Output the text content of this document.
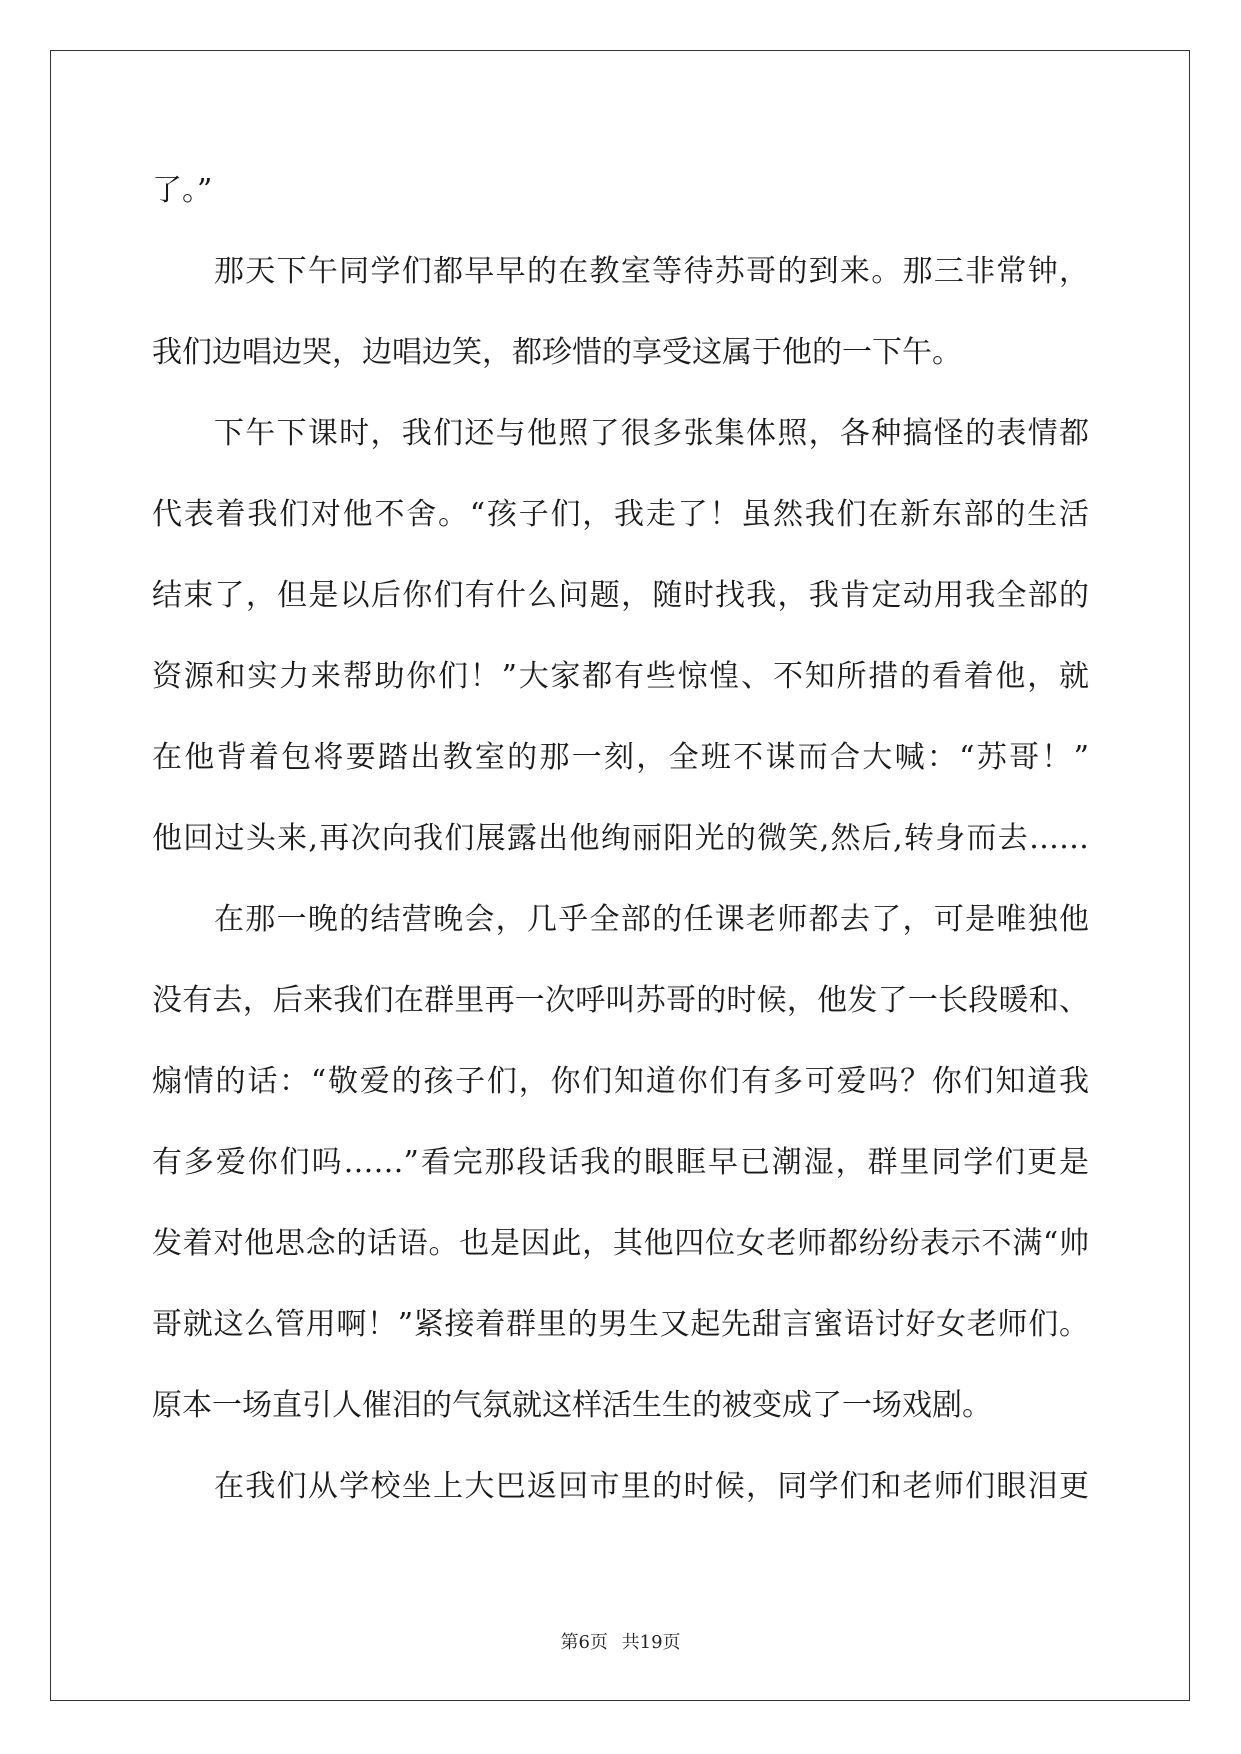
了。”
那天下午同学们都早早的在教室等待苏哥的到来。那三非常钟，
我们边唱边哭，边唱边笑，都珍惜的享受这属于他的一下午。
下午下课时，我们还与他照了很多张集体照，各种搞怪的表情都
代表着我们对他不舍。“孩子们，我走了！虽然我们在新东部的生活
结束了，但是以后你们有什么问题，随时找我，我肯定动用我全部的
资源和实力来帮助你们！”大家都有些惊惶、不知所措的看着他，就
在他背着包将要踏出教室的那一刻，全班不谋而合大喊：“苏哥！”
他回过头来,再次向我们展露出他绚丽阳光的微笑,然后,转身而去……
在那一晚的结营晚会，几乎全部的任课老师都去了，可是唯独他
没有去，后来我们在群里再一次呼叫苏哥的时候，他发了一长段暖和、
煽情的话：“敬爱的孩子们，你们知道你们有多可爱吗？你们知道我
有多爱你们吗……”看完那段话我的眼眶早已潮湿，群里同学们更是
发着对他思念的话语。也是因此，其他四位女老师都纷纷表示不满“帅
哥就这么管用啊！”紧接着群里的男生又起先甜言蜜语讨好女老师们。
原本一场直引人催泪的气氛就这样活生生的被变成了一场戏剧。
在我们从学校坐上大巴返回市里的时候，同学们和老师们眼泪更
第6页 共19页
